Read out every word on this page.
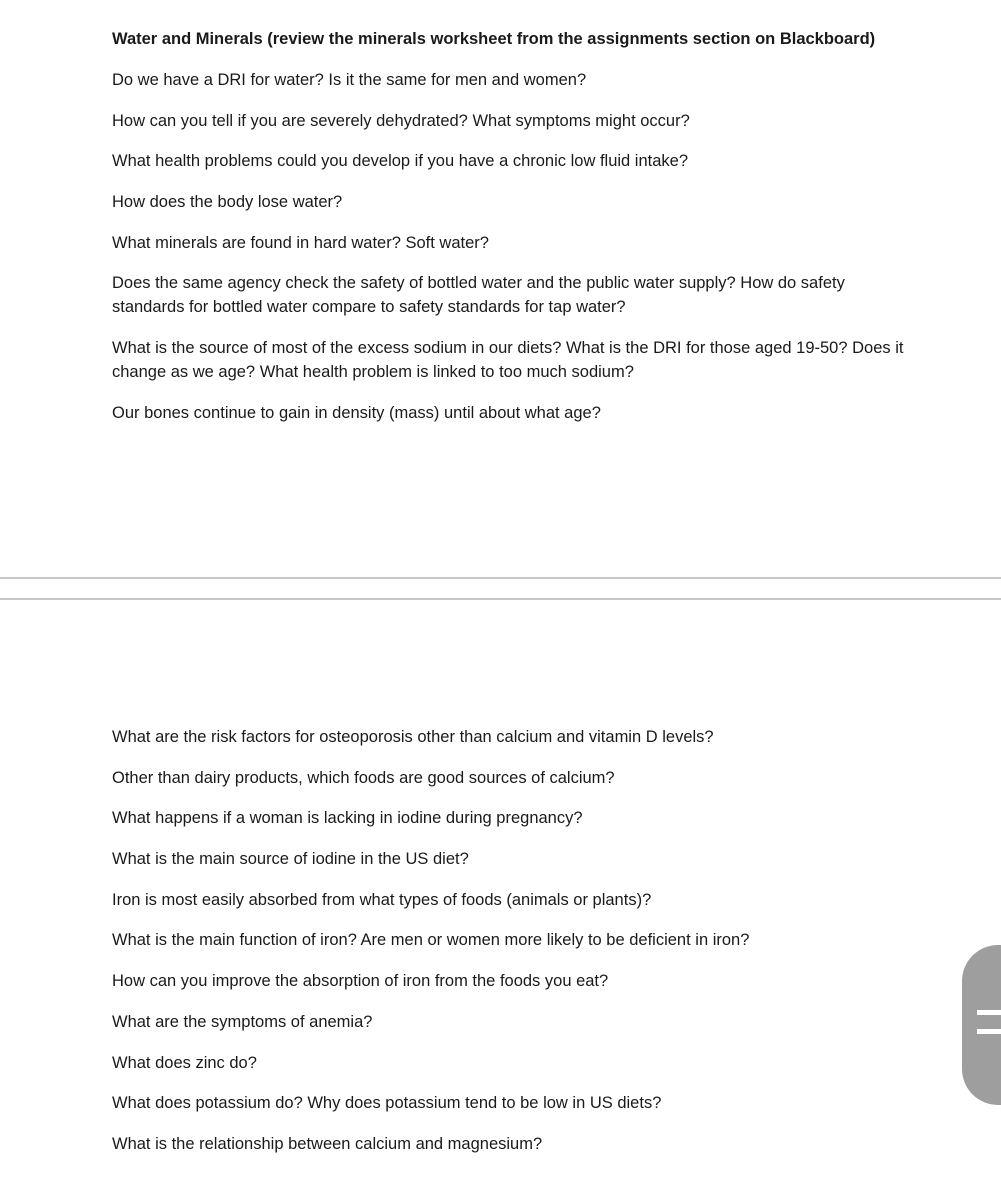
Water and Minerals (review the minerals worksheet from the assignments section on Blackboard)
Do we have a DRI for water? Is it the same for men and women?
How can you tell if you are severely dehydrated? What symptoms might occur?
What health problems could you develop if you have a chronic low fluid intake?
How does the body lose water?
What minerals are found in hard water? Soft water?
Does the same agency check the safety of bottled water and the public water supply? How do safety standards for bottled water compare to safety standards for tap water?
What is the source of most of the excess sodium in our diets? What is the DRI for those aged 19-50? Does it change as we age? What health problem is linked to too much sodium?
Our bones continue to gain in density (mass) until about what age?
What are the risk factors for osteoporosis other than calcium and vitamin D levels?
Other than dairy products, which foods are good sources of calcium?
What happens if a woman is lacking in iodine during pregnancy?
What is the main source of iodine in the US diet?
Iron is most easily absorbed from what types of foods (animals or plants)?
What is the main function of iron? Are men or women more likely to be deficient in iron?
How can you improve the absorption of iron from the foods you eat?
What are the symptoms of anemia?
What does zinc do?
What does potassium do? Why does potassium tend to be low in US diets?
What is the relationship between calcium and magnesium?
